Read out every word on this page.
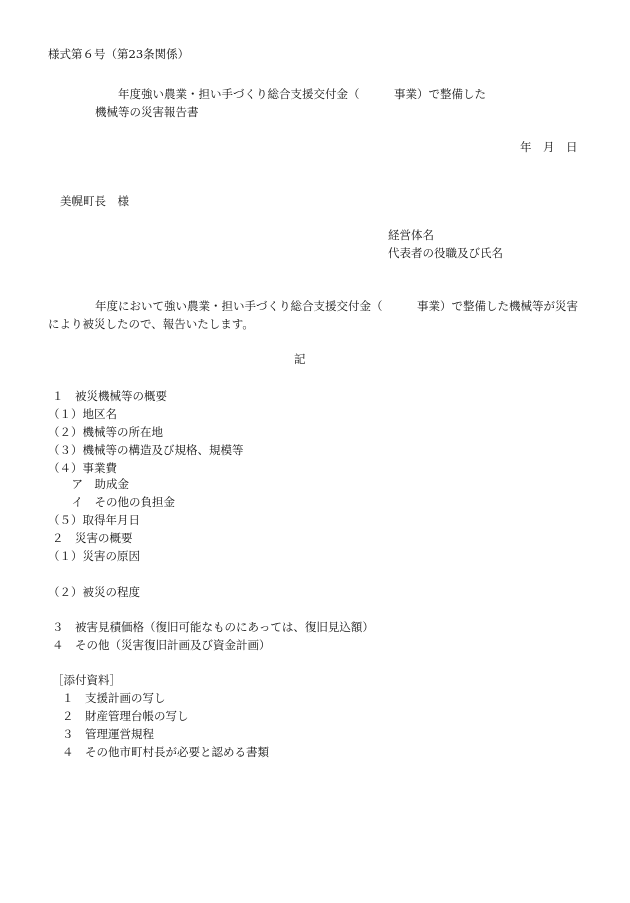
様式第６号（第23条関係）
年度強い農業・担い手づくり総合支援交付金（　　　事業）で整備した
機械等の災害報告書
年　月　日
美幌町長　様
経営体名
代表者の役職及び氏名
年度において強い農業・担い手づくり総合支援交付金（　　　事業）で整備した機械等が災害
により被災したので、報告いたします。
記
１　被災機械等の概要
（１）地区名
（２）機械等の所在地
（３）機械等の構造及び規格、規模等
（４）事業費
　ア　助成金
　イ　その他の負担金
（５）取得年月日
２　災害の概要
（１）災害の原因
（２）被災の程度
３　被害見積価格（復旧可能なものにあっては、復旧見込額）
４　その他（災害復旧計画及び資金計画）
［添付資料］
１　支援計画の写し
２　財産管理台帳の写し
３　管理運営規程
４　その他市町村長が必要と認める書類
